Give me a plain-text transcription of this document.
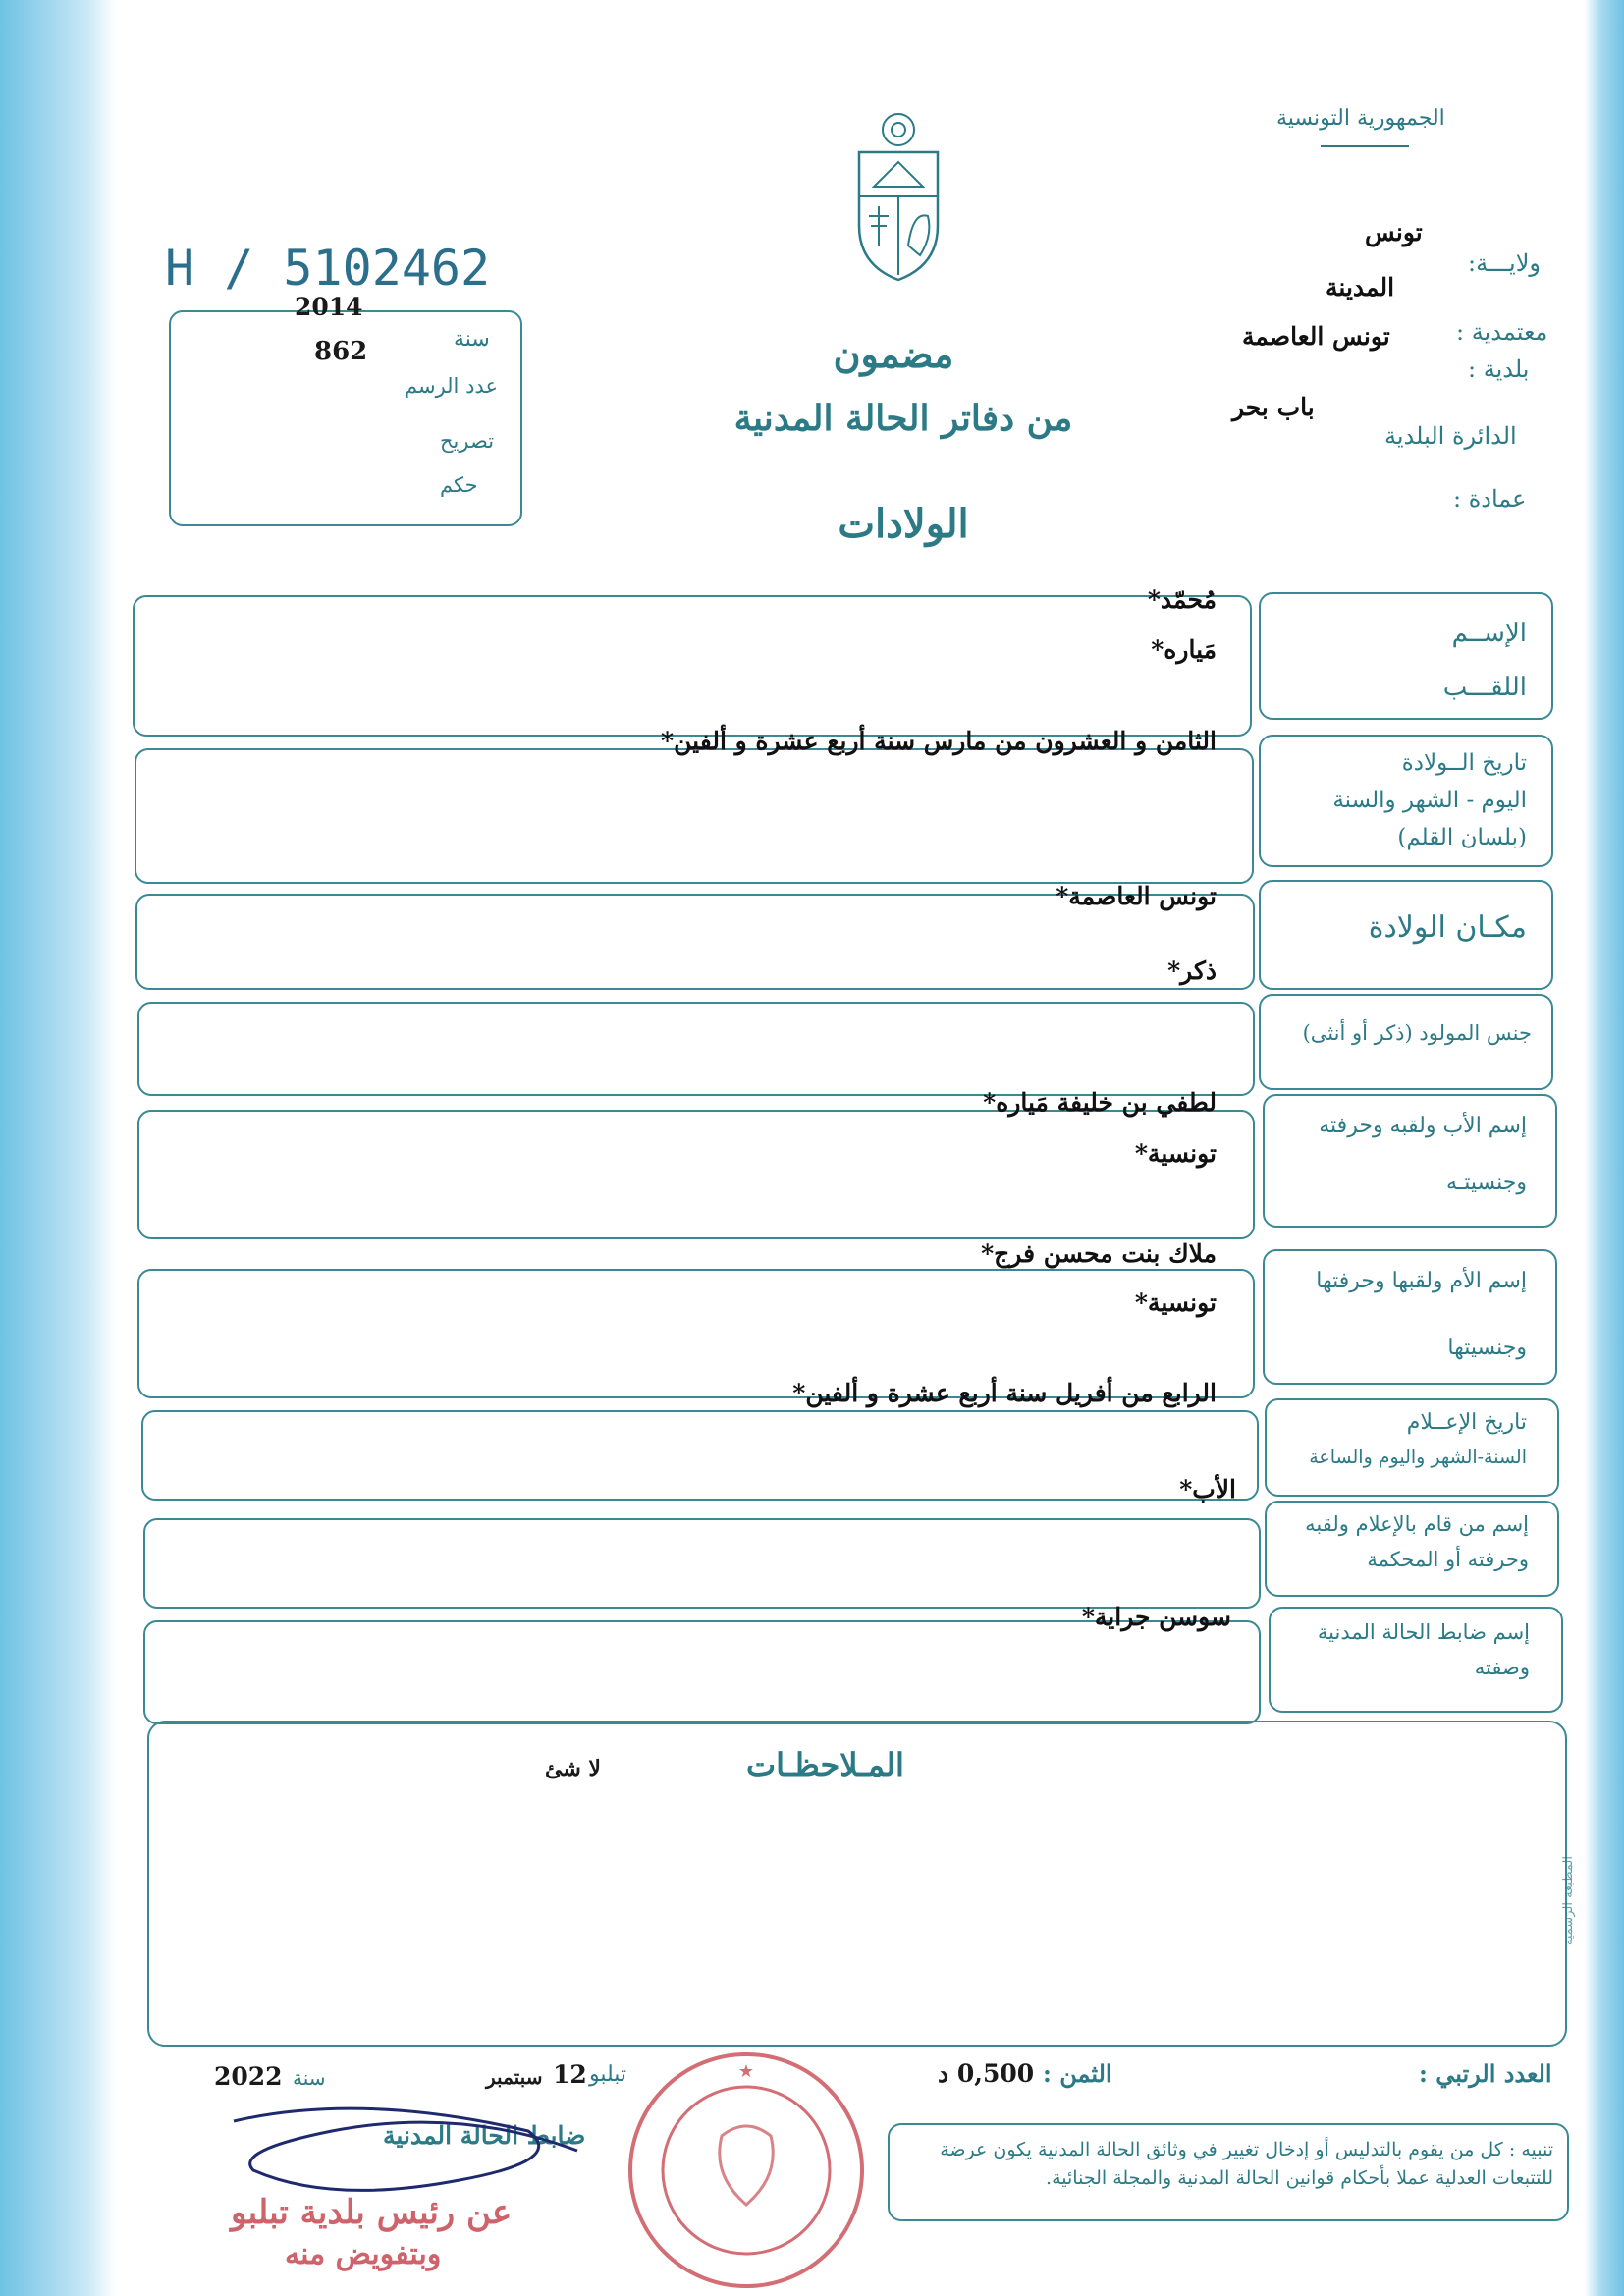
الجمهورية التونسية
H / 5102462
2014
سنة
862
عدد الرسم
تصريح
حكم
مضمون
من دفاتر الحالة المدنية
الولادات
ولايـــة:
تونس
معتمدية :
المدينة
بلدية :
تونس العاصمة
الدائرة البلدية
باب بحر
عمادة :
الإســم
اللقـــب
مُحمّد*
مَياره*
تاريخ الــولادة
اليوم - الشهر والسنة
(بلسان القلم)
الثامن و العشرون من مارس سنة أربع عشرة و ألفين*
مكـان الولادة
تونس العاصمة*
جنس المولود (ذكر أو أنثى)
ذكر*
إسم الأب ولقبه وحرفته
وجنسيتـه
لطفي بن خليفة مَياره*
تونسية*
إسم الأم ولقبها وحرفتها
وجنسيتها
ملاك بنت محسن فرج*
تونسية*
تاريخ الإعــلام
السنة-الشهر واليوم والساعة
الرابع من أفريل سنة أربع عشرة و ألفين*
إسم من قام بالإعلام ولقبه
وحرفته أو المحكمة
الأب*
إسم ضابط الحالة المدنية
وصفته
سوسن جراية*
المـلاحظـات
لا شئ
المطبعة الرسمية
العدد الرتبي :
الثمن :
0,500 د
تبلبو
12
سبتمبر
سنة
2022
ضابط الحالة المدنية
عن رئيس بلدية تبلبو
وبتفويض منه
★
تنبيه : كل من يقوم بالتدليس أو إدخال تغيير في وثائق الحالة المدنية يكون عرضة للتتبعات العدلية عملا بأحكام قوانين الحالة المدنية والمجلة الجنائية.
